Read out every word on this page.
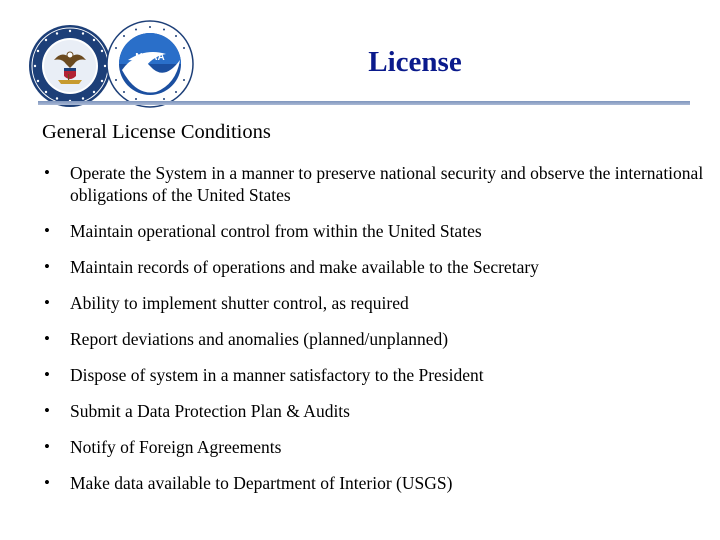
NOAA	License
General License Conditions
• Operate the System in a manner to preserve national security and observe the international obligations of the United States
• Maintain operational control from within the United States
• Maintain records of operations and make available to the Secretary
• Ability to implement shutter control, as required
• Report deviations and anomalies (planned/unplanned)
• Dispose of system in a manner satisfactory to the President
• Submit a Data Protection Plan & Audits
• Notify of Foreign Agreements
• Make data available to Department of Interior (USGS)
